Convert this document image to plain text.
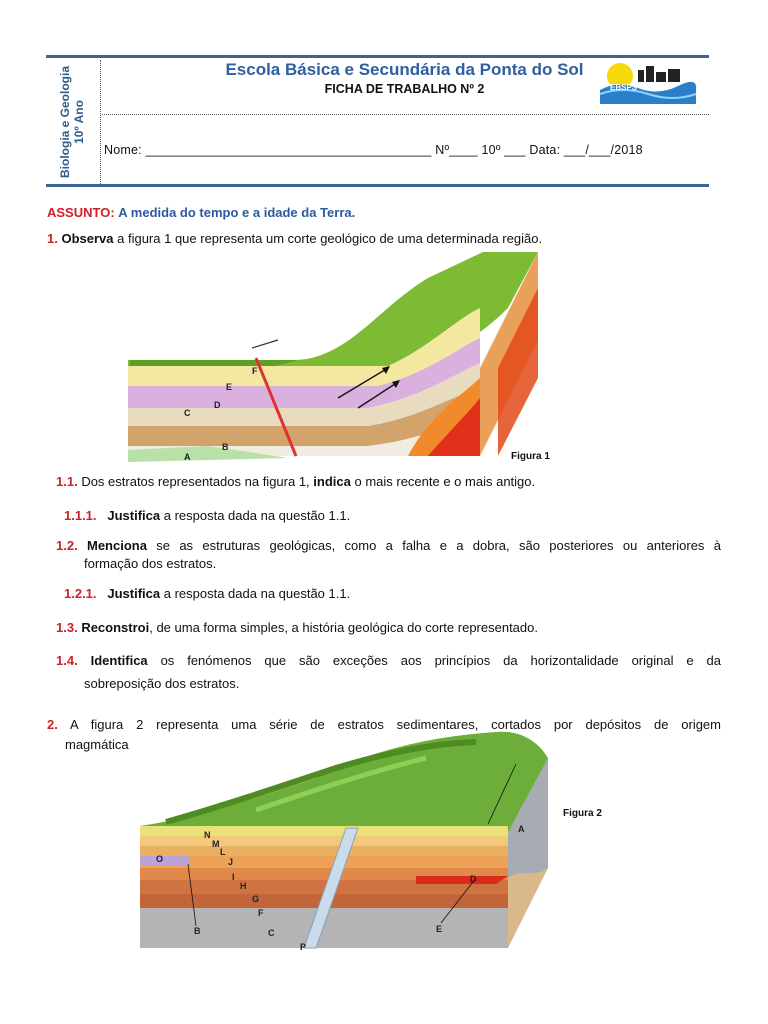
Biologia e Geologia 10º Ano
Escola Básica e Secundária da Ponta do Sol
FICHA DE TRABALHO Nº 2	EBSPS
Nome: ________________________________________ Nº____ 10º ___ Data: ___/___/2018
ASSUNTO: A medida do tempo e a idade da Terra.
1. Observa a figura 1 que representa um corte geológico de uma determinada região.
F
E
D
C
B
A	Figura 1
1.1. Dos estratos representados na figura 1, indica o mais recente e o mais antigo.
1.1.1. Justifica a resposta dada na questão 1.1.
1.2. Menciona se as estruturas geológicas, como a falha e a dobra, são posteriores ou anteriores à
formação dos estratos.
1.2.1. Justifica a resposta dada na questão 1.1.
1.3. Reconstroi, de uma forma simples, a história geológica do corte representado.
1.4. Identifica os fenómenos que são exceções aos princípios da horizontalidade original e da
sobreposição dos estratos.
2. A figura 2 representa uma série de estratos sedimentares, cortados por depósitos de origem
magmática
N
M
L
O	J
I
H
G
F
B	C
P
D
E
A
Figura 2
